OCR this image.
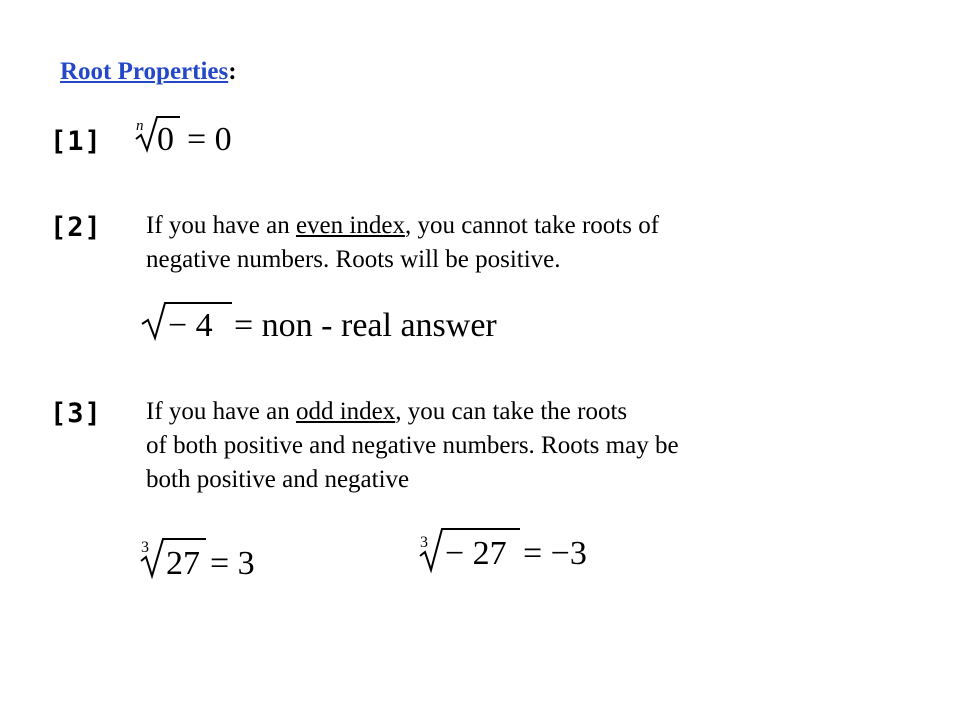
Root Properties:
[1] n 0 = 0
[2] If you have an even index, you cannot take roots of
negative numbers. Roots will be positive.
− 4 = non - real answer
[3] If you have an odd index, you can take the roots
of both positive and negative numbers. Roots may be
both positive and negative
3 27 = 3
3 − 27 = −3
